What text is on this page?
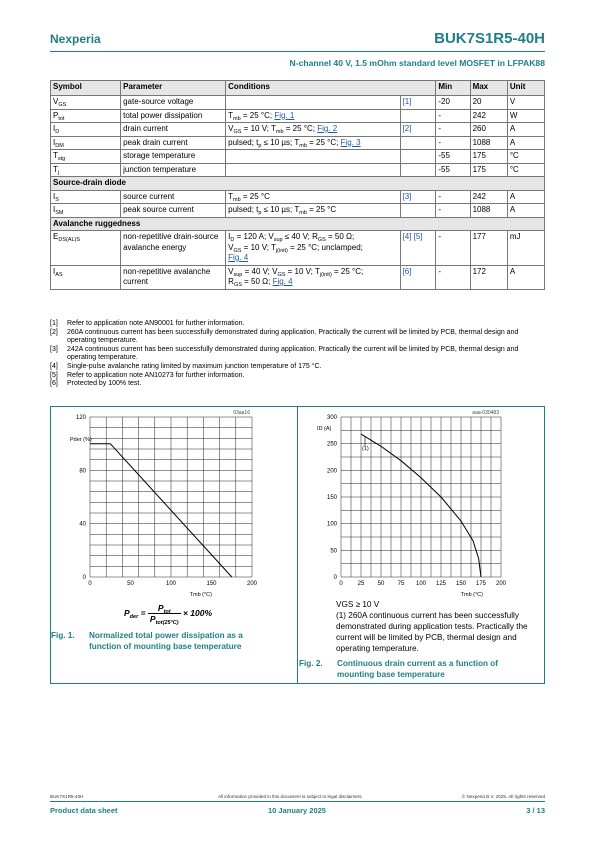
Nexperia	BUK7S1R5-40H
N-channel 40 V, 1.5 mOhm standard level MOSFET in LFPAK88
Symbol	Parameter	Conditions		Min	Max	Unit
$V_{GS}$	gate-source voltage		[1]	-20	20	V
$P_{tot}$	total power dissipation	$T_{mb} = 25$ °C; Fig. 1		-	242	W
$I_D$	drain current	$V_{GS} = 10$ V; $T_{mb} = 25$ °C; Fig. 2	[2]	-	260	A
$I_{DM}$	peak drain current	pulsed; $t_p \le 10$ µs; $T_{mb} = 25$ °C; Fig. 3		-	1088	A
$T_{stg}$	storage temperature			-55	175	°C
$T_j$	junction temperature			-55	175	°C
Source-drain diode						
$I_S$	source current	$T_{mb} = 25$ °C	[3]	-	242	A
$I_{SM}$	peak source current	pulsed; $t_p \le 10$ µs; $T_{mb} = 25$ °C		-	1088	A
Avalanche ruggedness						
$E_{DS(AL)S}$	non-repetitive drain-source avalanche energy	$I_D = 120$ A; $V_{sup} \le 40$ V; $R_{GS} = 50$ Ω;
$V_{GS} = 10$ V; $T_{j(init)} = 25$ °C; unclamped;
Fig. 4	[4] [5]	-	177	mJ
$I_{AS}$	non-repetitive avalanche current	$V_{sup} = 40$ V; $V_{GS} = 10$ V; $T_{j(init)} = 25$ °C;
$R_{GS} = 50$ Ω; Fig. 4	[6]	-	172	A
[1]	Refer to application note AN90001 for further information.
[2]	260A continuous current has been successfully demonstrated during application. Practically the current will be limited by PCB, thermal design and operating temperature.
[3]	242A continuous current has been successfully demonstrated during application. Practically the current will be limited by PCB, thermal design and operating temperature.
[4]	Single-pulse avalanche rating limited by maximum junction temperature of 175 °C.
[5]	Refer to application note AN10273 for further information.
[6]	Protected by 100% test.
03aa16
0	50	100	150	200
0
40
80
120
Tmb (°C)
Pder (%)
aaa-030483
0 25 50 75 100 125 150 175 200
0
50
100
150
200
250
300
Tmb (°C)
ID (A)
(1)
$P_{der}$ =	$P_{tot}$
$P_{tot(25^\circ C)}$
× 100%
Fig. 1. Normalized total power dissipation as a function of mounting base temperature
VGS ≥ 10 V
(1) 260A continuous current has been successfully demonstrated during application tests. Practically the current will be limited by PCB, thermal design and operating temperature.
Fig. 2. Continuous drain current as a function of mounting base temperature
BUK7S1R5-40H	All information provided in this document is subject to legal disclaimers.	© Nexperia B.V. 2025. All rights reserved
Product data sheet	10 January 2025	3 / 13
